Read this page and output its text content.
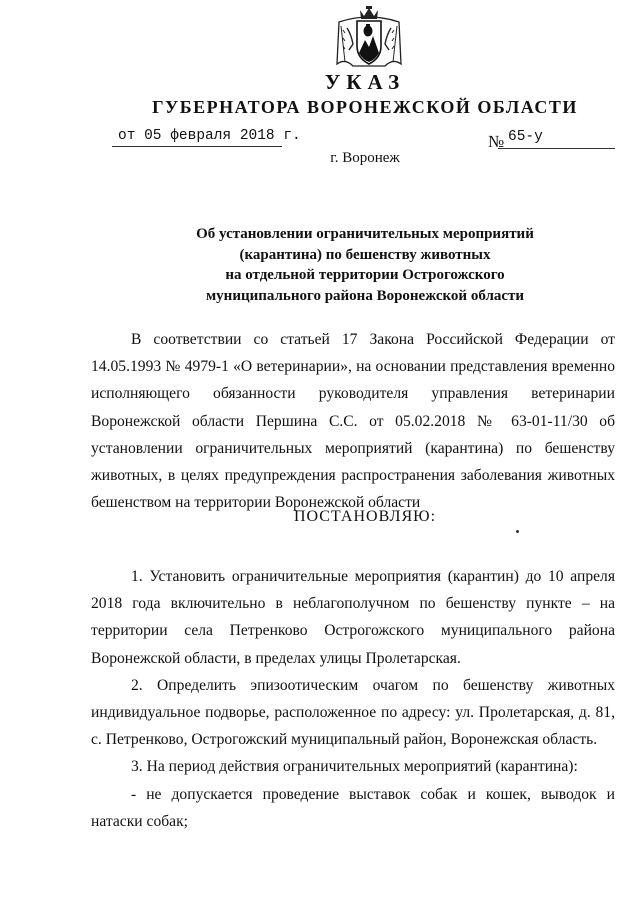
УКАЗ
ГУБЕРНАТОРА ВОРОНЕЖСКОЙ ОБЛАСТИ
от 05 февраля 2018 г.	№ 65-у
г. Воронеж
Об установлении ограничительных мероприятий
(карантина) по бешенству животных
на отдельной территории Острогожского
муниципального района Воронежской области

В соответствии со статьей 17 Закона Российской Федерации от 14.05.1993 № 4979-1 «О ветеринарии», на основании представления временно исполняющего обязанности руководителя управления ветеринарии Воронежской области Першина С.С. от 05.02.2018 № 63-01-11/30 об установлении ограничительных мероприятий (карантина) по бешенству животных, в целях предупреждения распространения заболевания животных бешенством на территории Воронежской области

ПОСТАНОВЛЯЮ:

1. Установить ограничительные мероприятия (карантин) до 10 апреля 2018 года включительно в неблагополучном по бешенству пункте – на территории села Петренково Острогожского муниципального района Воронежской области, в пределах улицы Пролетарская.

2. Определить эпизоотическим очагом по бешенству животных индивидуальное подворье, расположенное по адресу: ул. Пролетарская, д. 81, с. Петренково, Острогожский муниципальный район, Воронежская область.

3. На период действия ограничительных мероприятий (карантина):

- не допускается проведение выставок собак и кошек, выводок и натаски собак;
